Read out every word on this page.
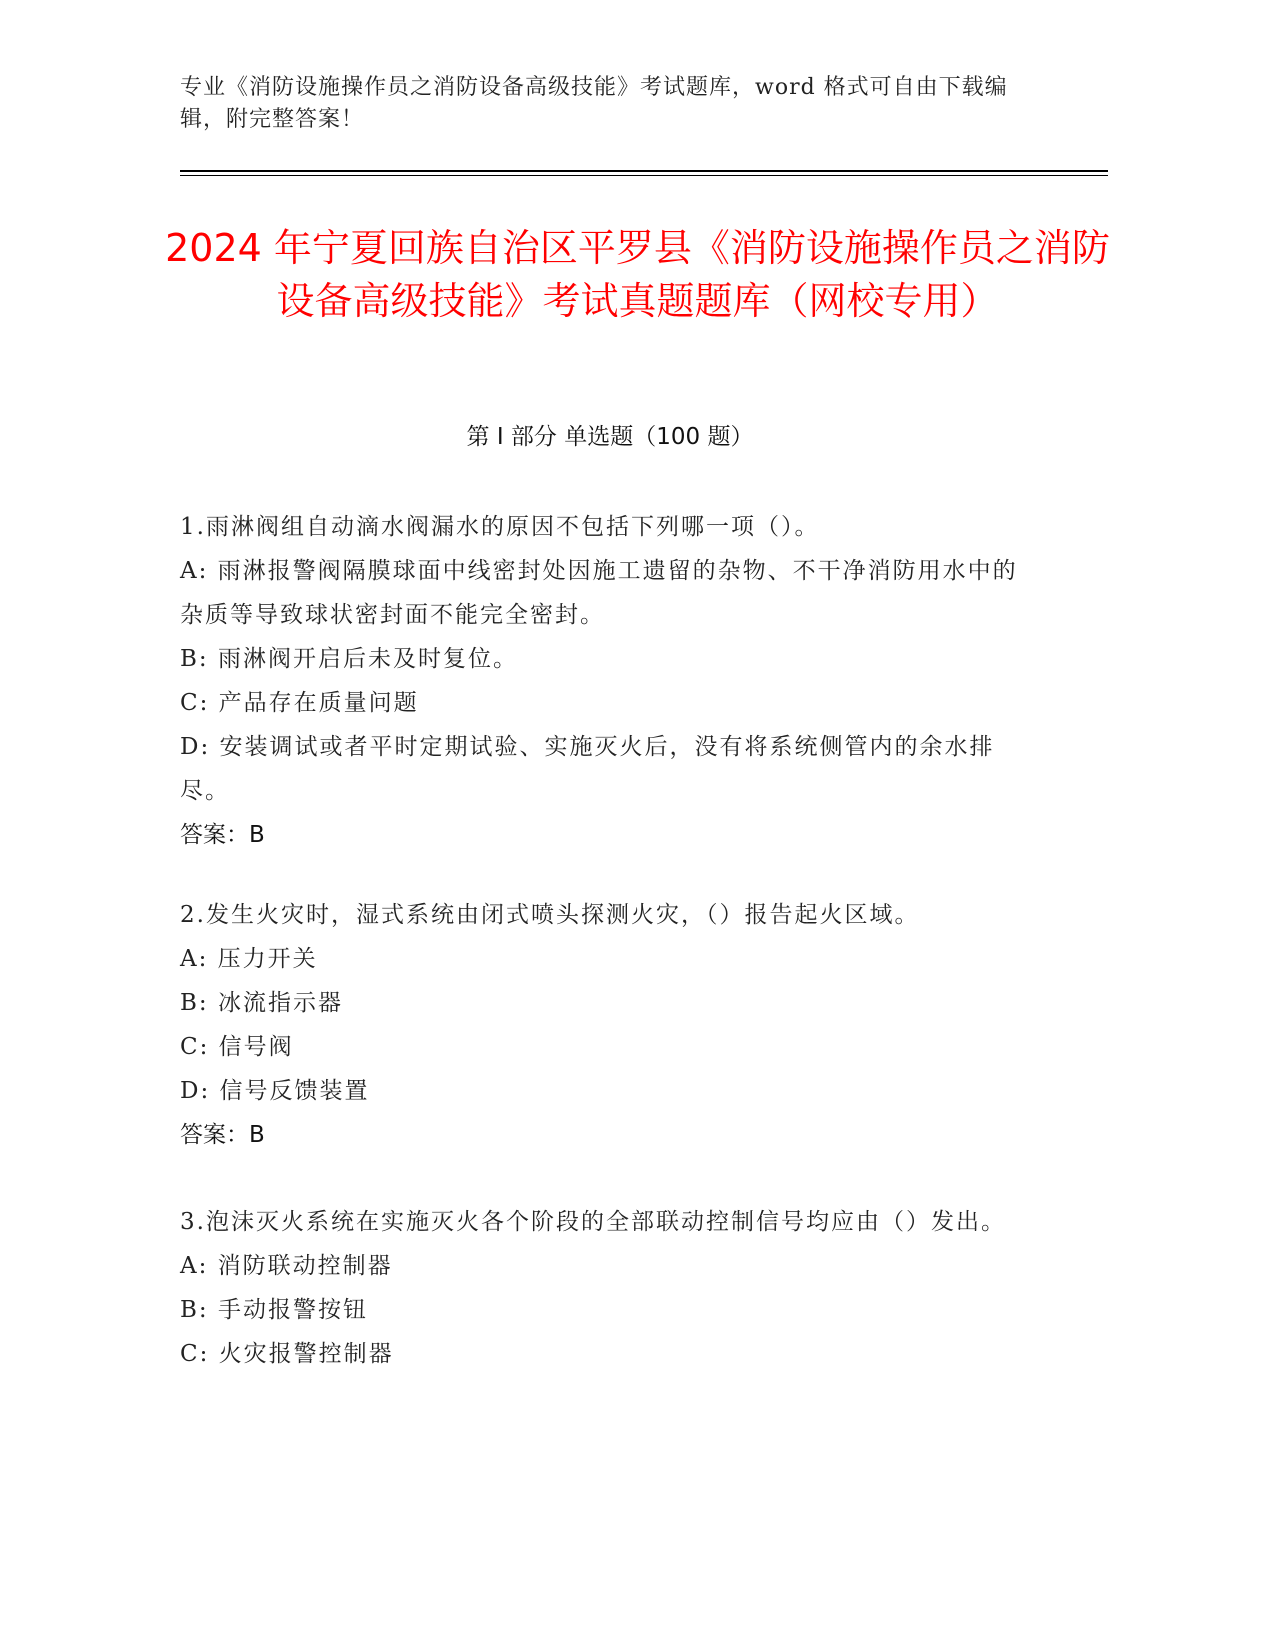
专业《消防设施操作员之消防设备高级技能》考试题库，word 格式可自由下载编辑，附完整答案！
2024 年宁夏回族自治区平罗县《消防设施操作员之消防设备高级技能》考试真题题库（网校专用）
第 I 部分 单选题（100 题）
1.雨淋阀组自动滴水阀漏水的原因不包括下列哪一项（）。
A: 雨淋报警阀隔膜球面中线密封处因施工遗留的杂物、不干净消防用水中的杂质等导致球状密封面不能完全密封。
B: 雨淋阀开启后未及时复位。
C: 产品存在质量问题
D: 安装调试或者平时定期试验、实施灭火后，没有将系统侧管内的余水排尽。
答案：B
2.发生火灾时，湿式系统由闭式喷头探测火灾，（）报告起火区域。
A: 压力开关
B: 冰流指示器
C: 信号阀
D: 信号反馈装置
答案：B
3.泡沫灭火系统在实施灭火各个阶段的全部联动控制信号均应由（）发出。
A: 消防联动控制器
B: 手动报警按钮
C: 火灾报警控制器
